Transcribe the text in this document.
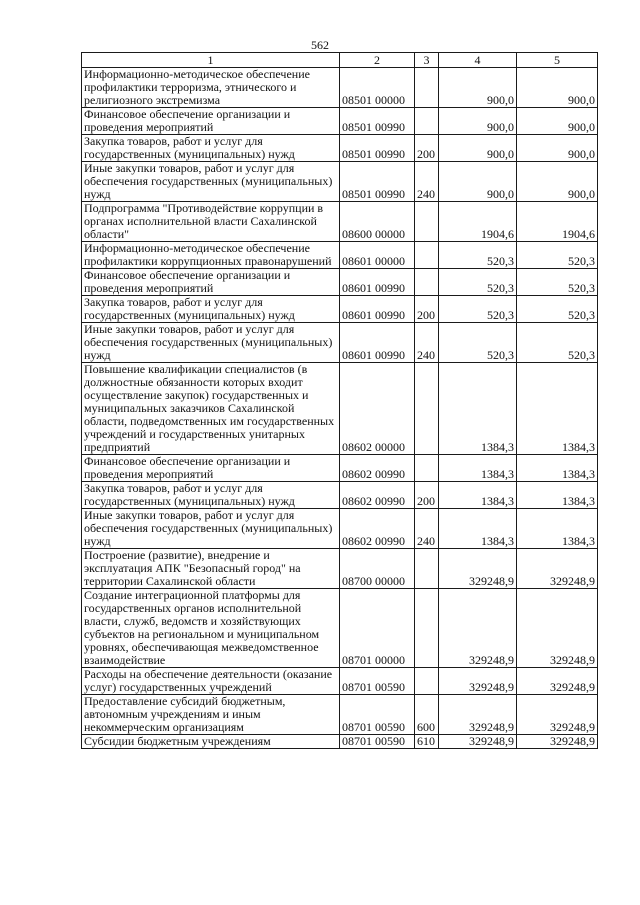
562
1	2	3	4	5
Информационно-методическое обеспечение профилактики терроризма, этнического и религиозного экстремизма	08501 00000		900,0	900,0
Финансовое обеспечение организации и проведения мероприятий	08501 00990		900,0	900,0
Закупка товаров, работ и услуг для государственных (муниципальных) нужд	08501 00990	200	900,0	900,0
Иные закупки товаров, работ и услуг для обеспечения государственных (муниципальных) нужд	08501 00990	240	900,0	900,0
Подпрограмма "Противодействие коррупции в органах исполнительной власти Сахалинской области"	08600 00000		1904,6	1904,6
Информационно-методическое обеспечение профилактики коррупционных правонарушений	08601 00000		520,3	520,3
Финансовое обеспечение организации и проведения мероприятий	08601 00990		520,3	520,3
Закупка товаров, работ и услуг для государственных (муниципальных) нужд	08601 00990	200	520,3	520,3
Иные закупки товаров, работ и услуг для обеспечения государственных (муниципальных) нужд	08601 00990	240	520,3	520,3
Повышение квалификации специалистов (в должностные обязанности которых входит осуществление закупок) государственных и муниципальных заказчиков Сахалинской области, подведомственных им государственных учреждений и государственных унитарных предприятий	08602 00000		1384,3	1384,3
Финансовое обеспечение организации и проведения мероприятий	08602 00990		1384,3	1384,3
Закупка товаров, работ и услуг для государственных (муниципальных) нужд	08602 00990	200	1384,3	1384,3
Иные закупки товаров, работ и услуг для обеспечения государственных (муниципальных) нужд	08602 00990	240	1384,3	1384,3
Построение (развитие), внедрение и эксплуатация АПК "Безопасный город" на территории Сахалинской области	08700 00000		329248,9	329248,9
Создание интеграционной платформы для государственных органов исполнительной власти, служб, ведомств и хозяйствующих субъектов на региональном и муниципальном уровнях, обеспечивающая межведомственное взаимодействие	08701 00000		329248,9	329248,9
Расходы на обеспечение деятельности (оказание услуг) государственных учреждений	08701 00590		329248,9	329248,9
Предоставление субсидий бюджетным, автономным учреждениям и иным некоммерческим организациям	08701 00590	600	329248,9	329248,9
Субсидии бюджетным учреждениям	08701 00590	610	329248,9	329248,9
